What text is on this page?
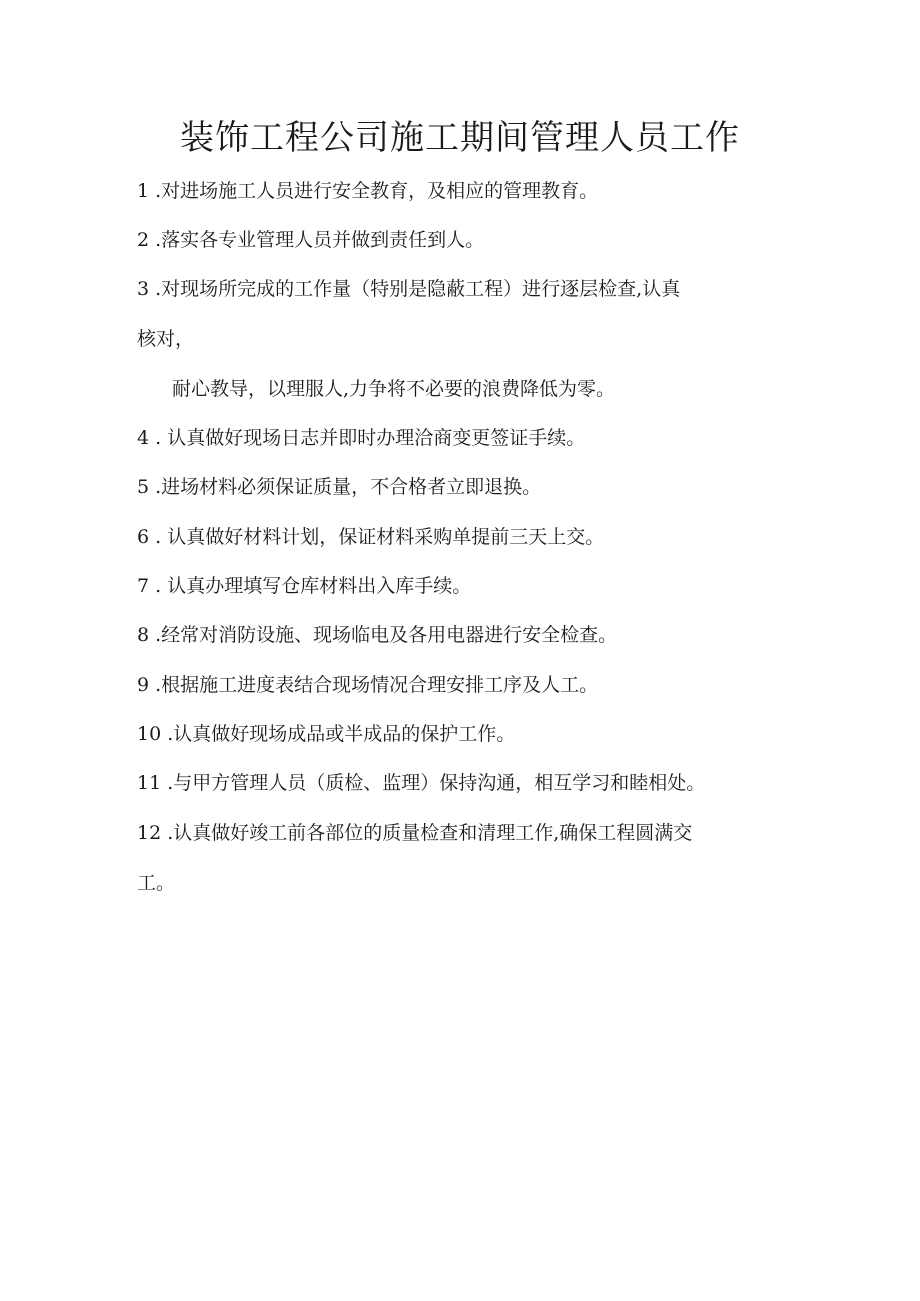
装饰工程公司施工期间管理人员工作

1 .对进场施工人员进行安全教育，及相应的管理教育。

2 .落实各专业管理人员并做到责任到人。

3 .对现场所完成的工作量（特别是隐蔽工程）进行逐层检查,认真

核对，

耐心教导，以理服人,力争将不必要的浪费降低为零。

4 . 认真做好现场日志并即时办理洽商变更签证手续。

5 .进场材料必须保证质量，不合格者立即退换。

6 . 认真做好材料计划，保证材料采购单提前三天上交。

7 . 认真办理填写仓库材料出入库手续。

8 .经常对消防设施、现场临电及各用电器进行安全检查。

9 .根据施工进度表结合现场情况合理安排工序及人工。

10 .认真做好现场成品或半成品的保护工作。

11 .与甲方管理人员（质检、监理）保持沟通，相互学习和睦相处。

12 .认真做好竣工前各部位的质量检查和清理工作,确保工程圆满交

工。
